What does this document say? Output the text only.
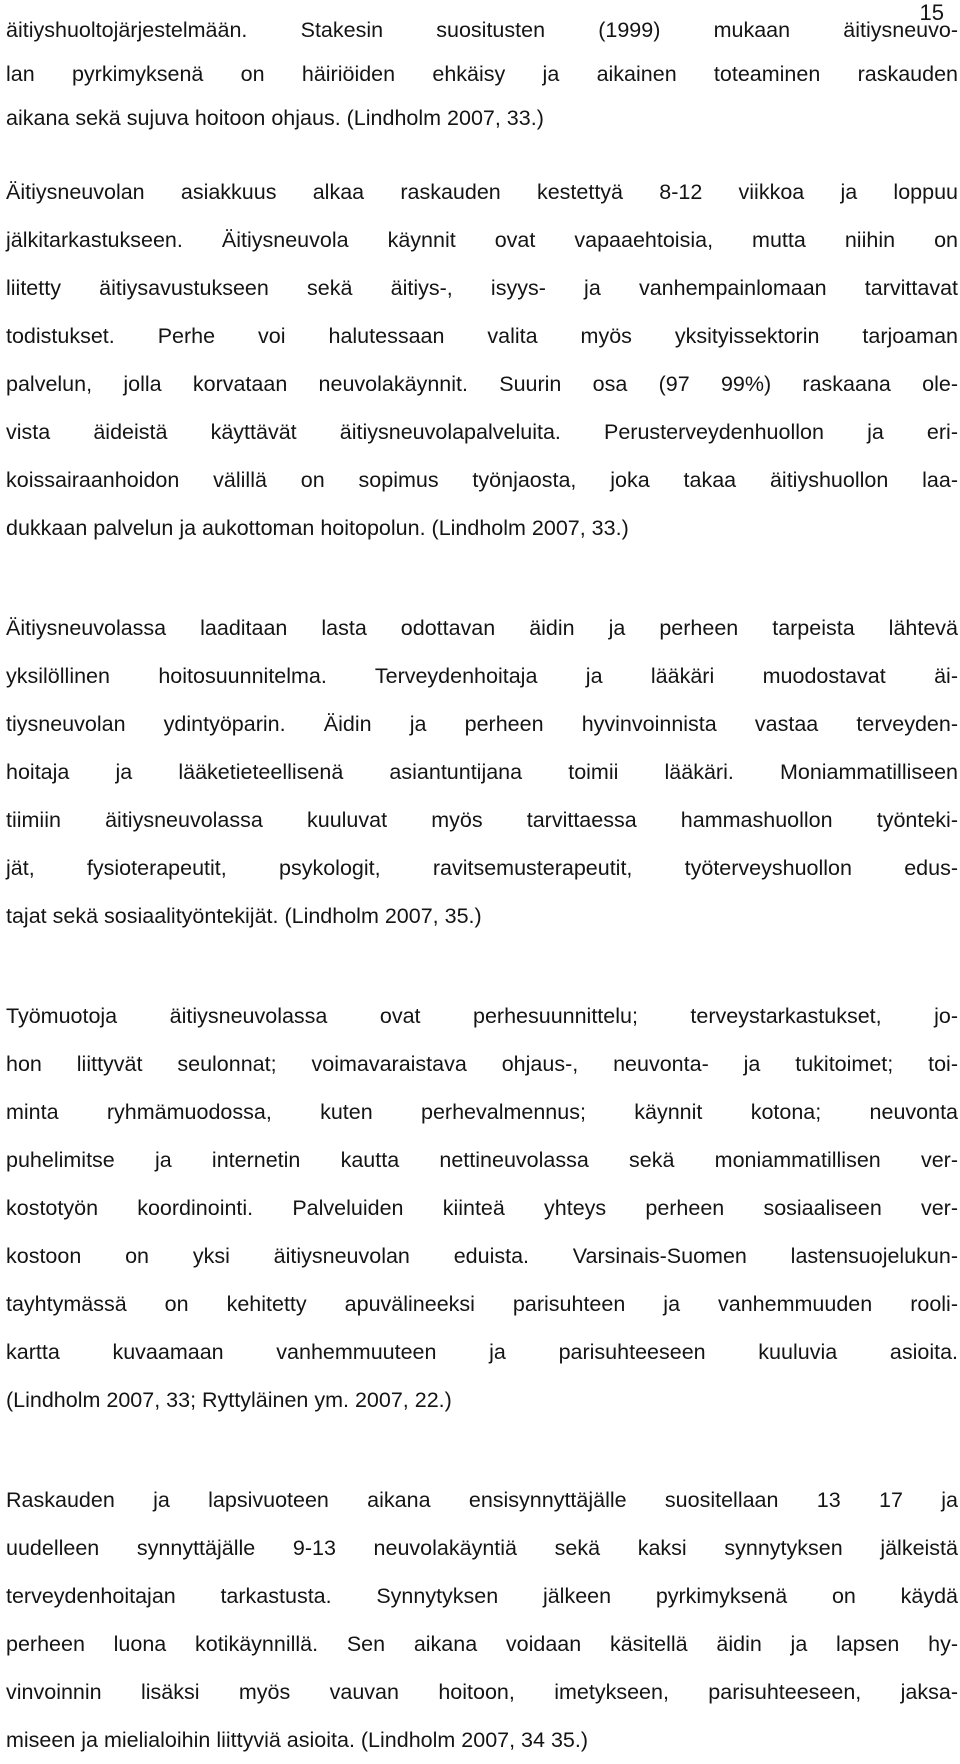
15

äitiyshuoltojärjestelmään. Stakesin suositusten (1999) mukaan äitiysneuvo-
lan pyrkimyksenä on häiriöiden ehkäisy ja aikainen toteaminen raskauden
aikana sekä sujuva hoitoon ohjaus. (Lindholm 2007, 33.)

Äitiysneuvolan asiakkuus alkaa raskauden kestettyä 8-12 viikkoa ja loppuu
jälkitarkastukseen. Äitiysneuvola käynnit ovat vapaaehtoisia, mutta niihin on
liitetty äitiysavustukseen sekä äitiys-, isyys- ja vanhempainlomaan tarvittavat
todistukset. Perhe voi halutessaan valita myös yksityissektorin tarjoaman
palvelun, jolla korvataan neuvolakäynnit. Suurin osa (97 99%) raskaana ole-
vista äideistä käyttävät äitiysneuvolapalveluita. Perusterveydenhuollon ja eri-
koissairaanhoidon välillä on sopimus työnjaosta, joka takaa äitiyshuollon laa-
dukkaan palvelun ja aukottoman hoitopolun. (Lindholm 2007, 33.)

Äitiysneuvolassa laaditaan lasta odottavan äidin ja perheen tarpeista lähtevä
yksilöllinen hoitosuunnitelma. Terveydenhoitaja ja lääkäri muodostavat äi-
tiysneuvolan ydintyöparin. Äidin ja perheen hyvinvoinnista vastaa terveyden-
hoitaja ja lääketieteellisenä asiantuntijana toimii lääkäri. Moniammatilliseen
tiimiin äitiysneuvolassa kuuluvat myös tarvittaessa hammashuollon työnteki-
jät, fysioterapeutit, psykologit, ravitsemusterapeutit, työterveyshuollon edus-
tajat sekä sosiaalityöntekijät. (Lindholm 2007, 35.)

Työmuotoja äitiysneuvolassa ovat perhesuunnittelu; terveystarkastukset, jo-
hon liittyvät seulonnat; voimavaraistava ohjaus-, neuvonta- ja tukitoimet; toi-
minta ryhmämuodossa, kuten perhevalmennus; käynnit kotona; neuvonta
puhelimitse ja internetin kautta nettineuvolassa sekä moniammatillisen ver-
kostotyön koordinointi. Palveluiden kiinteä yhteys perheen sosiaaliseen ver-
kostoon on yksi äitiysneuvolan eduista. Varsinais-Suomen lastensuojelukun-
tayhtymässä on kehitetty apuvälineeksi parisuhteen ja vanhemmuuden rooli-
kartta kuvaamaan vanhemmuuteen ja parisuhteeseen kuuluvia asioita.
(Lindholm 2007, 33; Ryttyläinen ym. 2007, 22.)

Raskauden ja lapsivuoteen aikana ensisynnyttäjälle suositellaan 13 17 ja
uudelleen synnyttäjälle 9-13 neuvolakäyntiä sekä kaksi synnytyksen jälkeistä
terveydenhoitajan tarkastusta. Synnytyksen jälkeen pyrkimyksenä on käydä
perheen luona kotikäynnillä. Sen aikana voidaan käsitellä äidin ja lapsen hy-
vinvoinnin lisäksi myös vauvan hoitoon, imetykseen, parisuhteeseen, jaksa-
miseen ja mielialoihin liittyviä asioita. (Lindholm 2007, 34 35.)
